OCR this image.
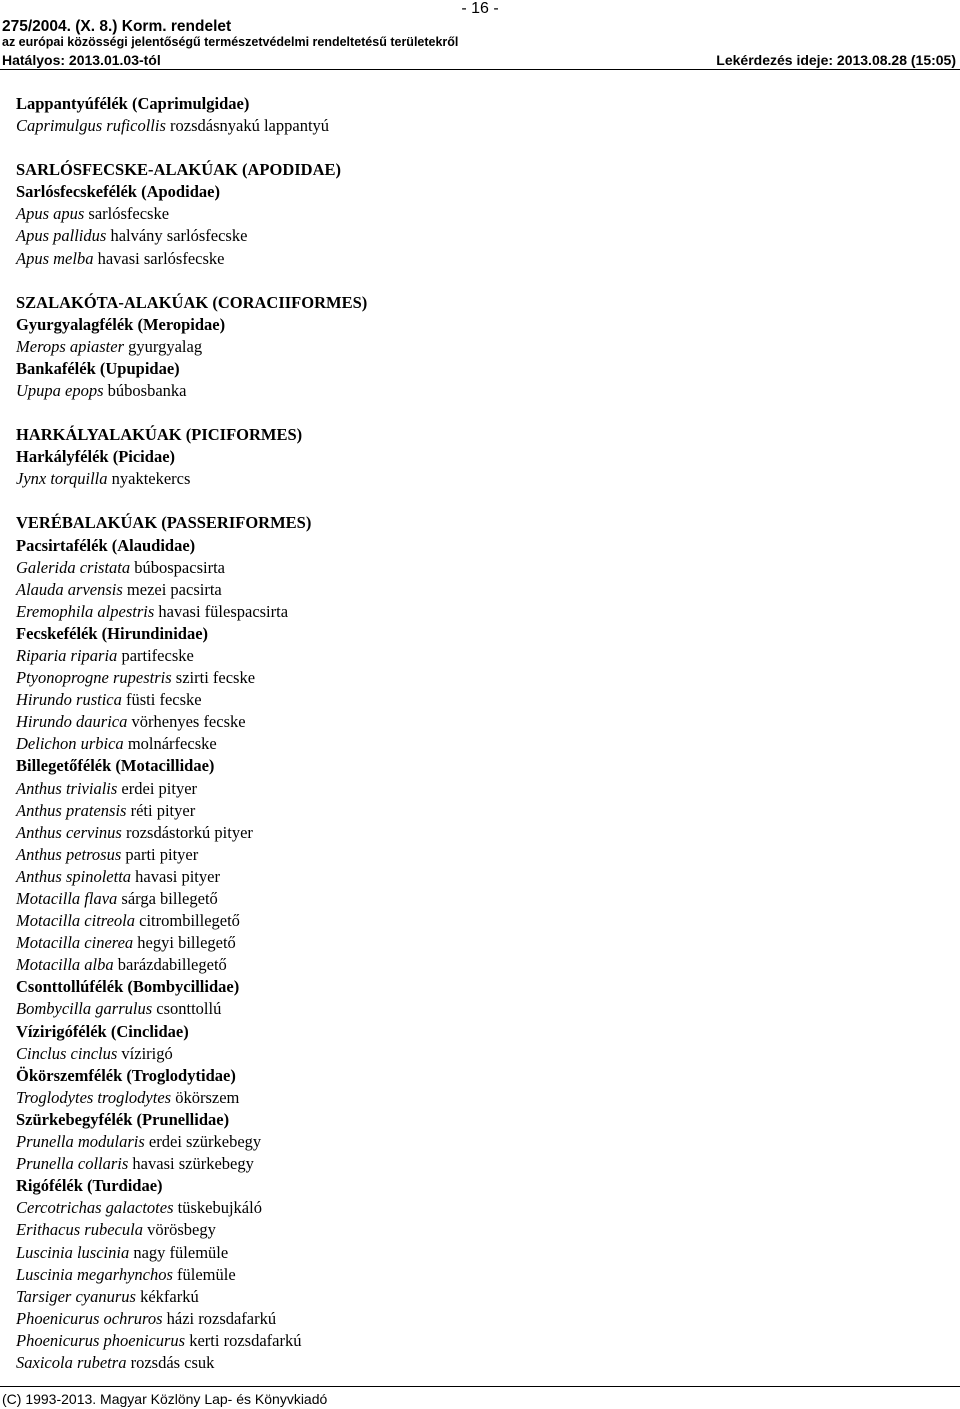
- 16 -
275/2004. (X. 8.) Korm. rendelet
az európai közösségi jelentőségű természetvédelmi rendeltetésű területekről
Hatályos: 2013.01.03-tól	Lekérdezés ideje: 2013.08.28 (15:05)
Lappantyúfélék (Caprimulgidae)
Caprimulgus ruficollis rozsdásnyakú lappantyú
SARLÓSFECSKE-ALAKÚAK (APODIDAE)
Sarlósfecskefélék (Apodidae)
Apus apus sarlósfecske
Apus pallidus halvány sarlósfecske
Apus melba havasi sarlósfecske
SZALAKÓTA-ALAKÚAK (CORACIIFORMES)
Gyurgyalagfélék (Meropidae)
Merops apiaster gyurgyalag
Bankafélék (Upupidae)
Upupa epops búbosbanka
HARKÁLYALAKÚAK (PICIFORMES)
Harkályfélék (Picidae)
Jynx torquilla nyaktekercs
VERÉBALAKÚAK (PASSERIFORMES)
Pacsirtafélék (Alaudidae)
Galerida cristata búbospacsirta
Alauda arvensis mezei pacsirta
Eremophila alpestris havasi fülespacsirta
Fecskefélék (Hirundinidae)
Riparia riparia partifecske
Ptyonoprogne rupestris szirti fecske
Hirundo rustica füsti fecske
Hirundo daurica vörhenyes fecske
Delichon urbica molnárfecske
Billegetőfélék (Motacillidae)
Anthus trivialis erdei pityer
Anthus pratensis réti pityer
Anthus cervinus rozsdástorkú pityer
Anthus petrosus parti pityer
Anthus spinoletta havasi pityer
Motacilla flava sárga billegető
Motacilla citreola citrombillegető
Motacilla cinerea hegyi billegető
Motacilla alba barázdabillegető
Csonttollúfélék (Bombycillidae)
Bombycilla garrulus csonttollú
Vízirigófélék (Cinclidae)
Cinclus cinclus vízirigó
Ökörszemfélék (Troglodytidae)
Troglodytes troglodytes ökörszem
Szürkebegyfélék (Prunellidae)
Prunella modularis erdei szürkebegy
Prunella collaris havasi szürkebegy
Rigófélék (Turdidae)
Cercotrichas galactotes tüskebujkáló
Erithacus rubecula vörösbegy
Luscinia luscinia nagy fülemüle
Luscinia megarhynchos fülemüle
Tarsiger cyanurus kékfarkú
Phoenicurus ochruros házi rozsdafarkú
Phoenicurus phoenicurus kerti rozsdafarkú
Saxicola rubetra rozsdás csuk
(C) 1993-2013. Magyar Közlöny Lap- és Könyvkiadó
